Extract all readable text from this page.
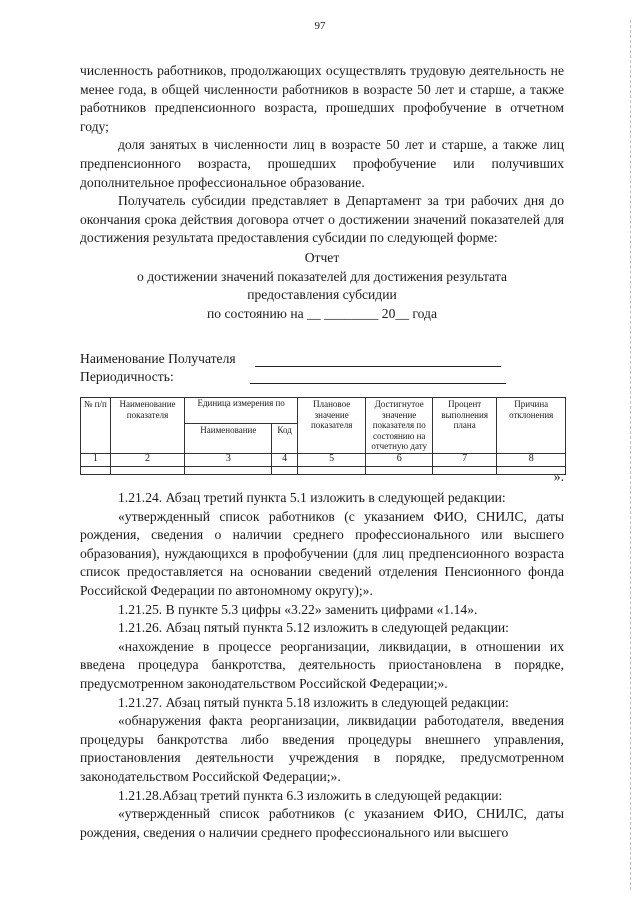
97

численность работников, продолжающих осуществлять трудовую деятельность не менее года, в общей численности работников в возрасте 50 лет и старше, а также работников предпенсионного возраста, прошедших профобучение в отчетном году;

доля занятых в численности лиц в возрасте 50 лет и старше, а также лиц предпенсионного возраста, прошедших профобучение или получивших дополнительное профессиональное образование.

Получатель субсидии представляет в Департамент за три рабочих дня до окончания срока действия договора отчет о достижении значений показателей для достижения результата предоставления субсидии по следующей форме:

Отчет

о достижении значений показателей для достижения результата

предоставления субсидии

по состоянию на __ ________ 20__ года

Наименование Получателя

Периодичность:

№ п/п	Наименование показателя	Единица измерения по		Плановое значение показателя	Достигнутое значение показателя по состоянию на отчетную дату	Процент выполнения плана	Причина отклонения
		Наименование	Код				
1	2	3	4	5	6	7	8

».

1.21.24. Абзац третий пункта 5.1 изложить в следующей редакции:

«утвержденный список работников (с указанием ФИО, СНИЛС, даты рождения, сведения о наличии среднего профессионального или высшего образования), нуждающихся в профобучении (для лиц предпенсионного возраста список предоставляется на основании сведений отделения Пенсионного фонда Российской Федерации по автономному округу);».

1.21.25. В пункте 5.3 цифры «3.22» заменить цифрами «1.14».

1.21.26. Абзац пятый пункта 5.12 изложить в следующей редакции:

«нахождение в процессе реорганизации, ликвидации, в отношении их введена процедура банкротства, деятельность приостановлена в порядке, предусмотренном законодательством Российской Федерации;».

1.21.27. Абзац пятый пункта 5.18 изложить в следующей редакции:

«обнаружения факта реорганизации, ликвидации работодателя, введения процедуры банкротства либо введения процедуры внешнего управления, приостановления деятельности учреждения в порядке, предусмотренном законодательством Российской Федерации;».

1.21.28.Абзац третий пункта 6.3 изложить в следующей редакции:

«утвержденный список работников (с указанием ФИО, СНИЛС, даты рождения, сведения о наличии среднего профессионального или высшего
